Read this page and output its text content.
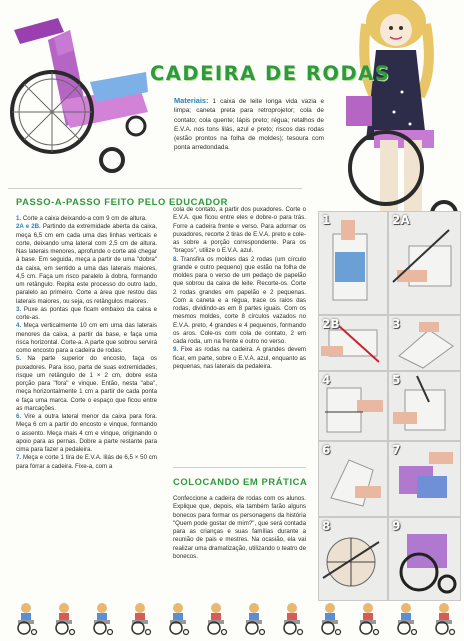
CADEIRA DE RODAS
Materiais: 1 caixa de leite longa vida vazia e limpa; caneta preta para retroprojetor; cola de contato; cola quente; lápis preto; régua; retalhos de E.V.A. nos tons lilás, azul e preto; riscos das rodas (estão prontos na folha de moldes); tesoura com ponta arredondada.
PASSO-A-PASSO FEITO PELO EDUCADOR

1. Corte a caixa deixando-a com 9 cm de altura.

2A e 2B. Partindo da extremidade aberta da caixa, meça 6,5 cm em cada uma das linhas verticais e corte, deixando uma lateral com 2,5 cm de altura. Nas laterais menores, aprofunde o corte até chegar à base. Em seguida, meça a partir de uma "dobra" da caixa, em sentido a uma das laterais maiores, 4,5 cm. Faça um risco paralelo à dobra, formando um retângulo. Repita este processo do outro lado, paralelo ao primeiro. Corte a área que restou das laterais maiores, ou seja, os retângulos maiores.

3. Puxe as pontas que ficam embaixo da caixa e corte-as.

4. Meça verticalmente 10 cm em uma das laterais menores da caixa, a partir da base, e faça uma risca horizontal. Corte-a. A parte que sobrou servirá como encosto para a cadeira de rodas.

5. Na parte superior do encosto, faça os puxadores. Para isso, parta de suas extremidades, risque um retângulo de 1 × 2 cm, dobre esta porção para "fora" e vinque. Então, nesta "aba", meça horizontalmente 1 cm a partir de cada ponta e faça uma marca. Corte o espaço que ficou entre as marcações.

6. Vire a outra lateral menor da caixa para fora. Meça 6 cm a partir do encosto e vinque, formando o assento. Meça mais 4 cm e vinque, originando o apoio para as pernas. Dobre a parte restante para cima para fazer a pedaleira.

7. Meça e corte 1 tira de E.V.A. lilás de 6,5 × 50 cm para forrar a cadeira. Fixe-a, com a

cola de contato, a partir dos puxadores. Corte o E.V.A. que ficou entre eles e dobre-o para trás. Forre a cadeira frente e verso. Para adornar os puxadores, recorte 2 tiras de E.V.A. preto e cole-as sobre a porção correspondente. Para os "braços", utilize o E.V.A. azul.

8. Transfira os moldes das 2 rodas (um círculo grande e outro pequeno) que estão na folha de moldes para o verso de um pedaço de papelão que sobrou da caixa de leite. Recorte-os. Corte 2 rodas grandes em papelão e 2 pequenas. Com a caneta e a régua, trace os raios das rodas, dividindo-as em 8 partes iguais. Com os mesmos moldes, corte 8 círculos vazados no E.V.A. preto, 4 grandes e 4 pequenos, formando os aros. Cole-os com cola de contato, 2 em cada roda, um na frente e outro no verso.

9. Fixe as rodas na cadeira. A grandes devem ficar, em parte, sobre o E.V.A. azul, enquanto as pequenas, nas laterais da pedaleira.

COLOCANDO EM PRÁTICA
Confeccione a cadeira de rodas com os alunos. Explique que, depois, ela também farão alguns bonecos para formar os personagens da história "Quem pode gostar de mim?", que será contada para as crianças e suas famílias durante a reunião de pais e mestres. Na ocasião, ela vai realizar uma dramatização, utilizando o teatro de bonecos.
1	2A
2B	3
4	5
6	7
8	9
